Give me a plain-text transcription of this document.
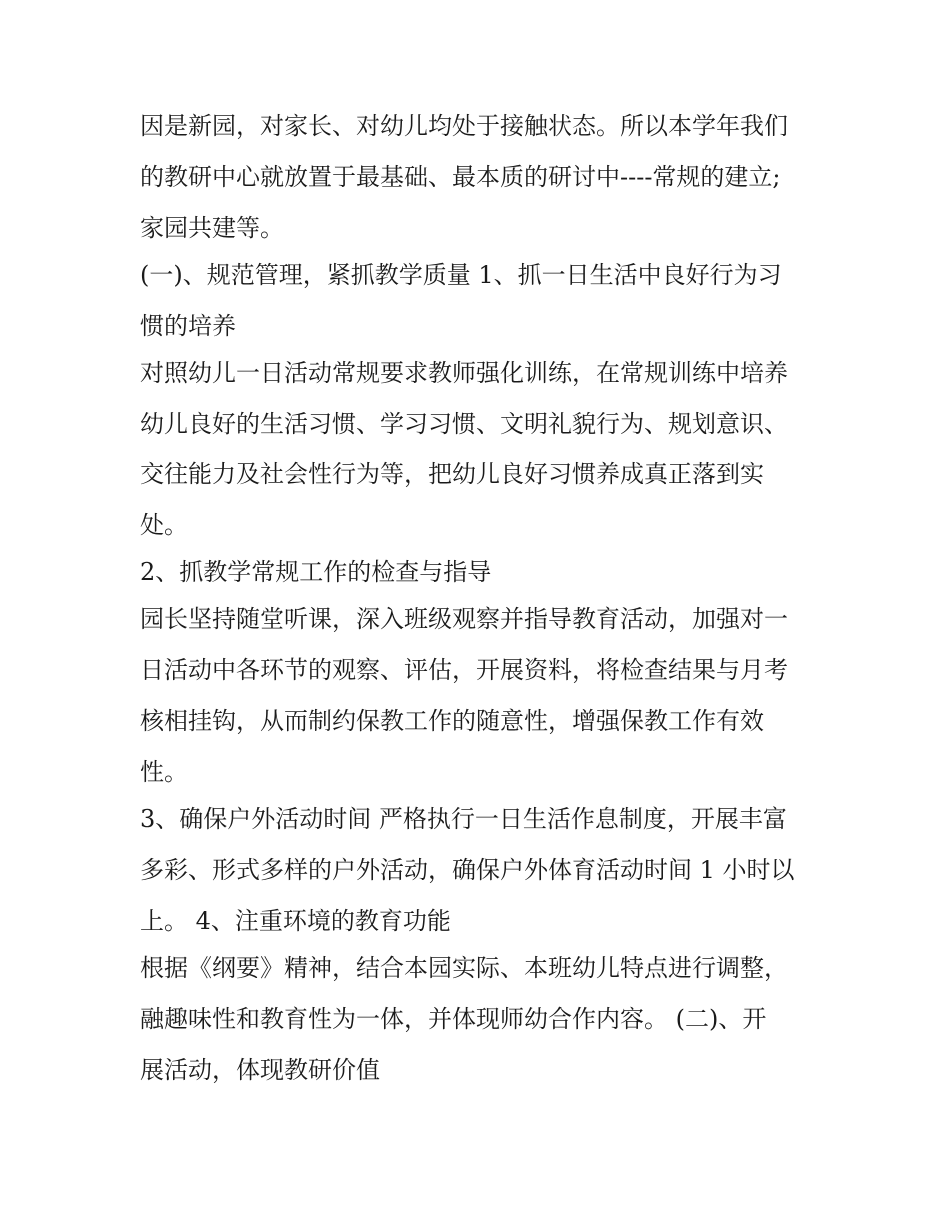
因是新园，对家长、对幼儿均处于接触状态。所以本学年我们
的教研中心就放置于最基础、最本质的研讨中----常规的建立;
家园共建等。
(一)、规范管理，紧抓教学质量 1、抓一日生活中良好行为习
惯的培养
对照幼儿一日活动常规要求教师强化训练，在常规训练中培养
幼儿良好的生活习惯、学习习惯、文明礼貌行为、规划意识、
交往能力及社会性行为等，把幼儿良好习惯养成真正落到实
处。
2、抓教学常规工作的检查与指导
园长坚持随堂听课，深入班级观察并指导教育活动，加强对一
日活动中各环节的观察、评估，开展资料，将检查结果与月考
核相挂钩，从而制约保教工作的随意性，增强保教工作有效
性。
3、确保户外活动时间 严格执行一日生活作息制度，开展丰富
多彩、形式多样的户外活动，确保户外体育活动时间 1 小时以
上。 4、注重环境的教育功能
根据《纲要》精神，结合本园实际、本班幼儿特点进行调整，
融趣味性和教育性为一体，并体现师幼合作内容。 (二)、开
展活动，体现教研价值
